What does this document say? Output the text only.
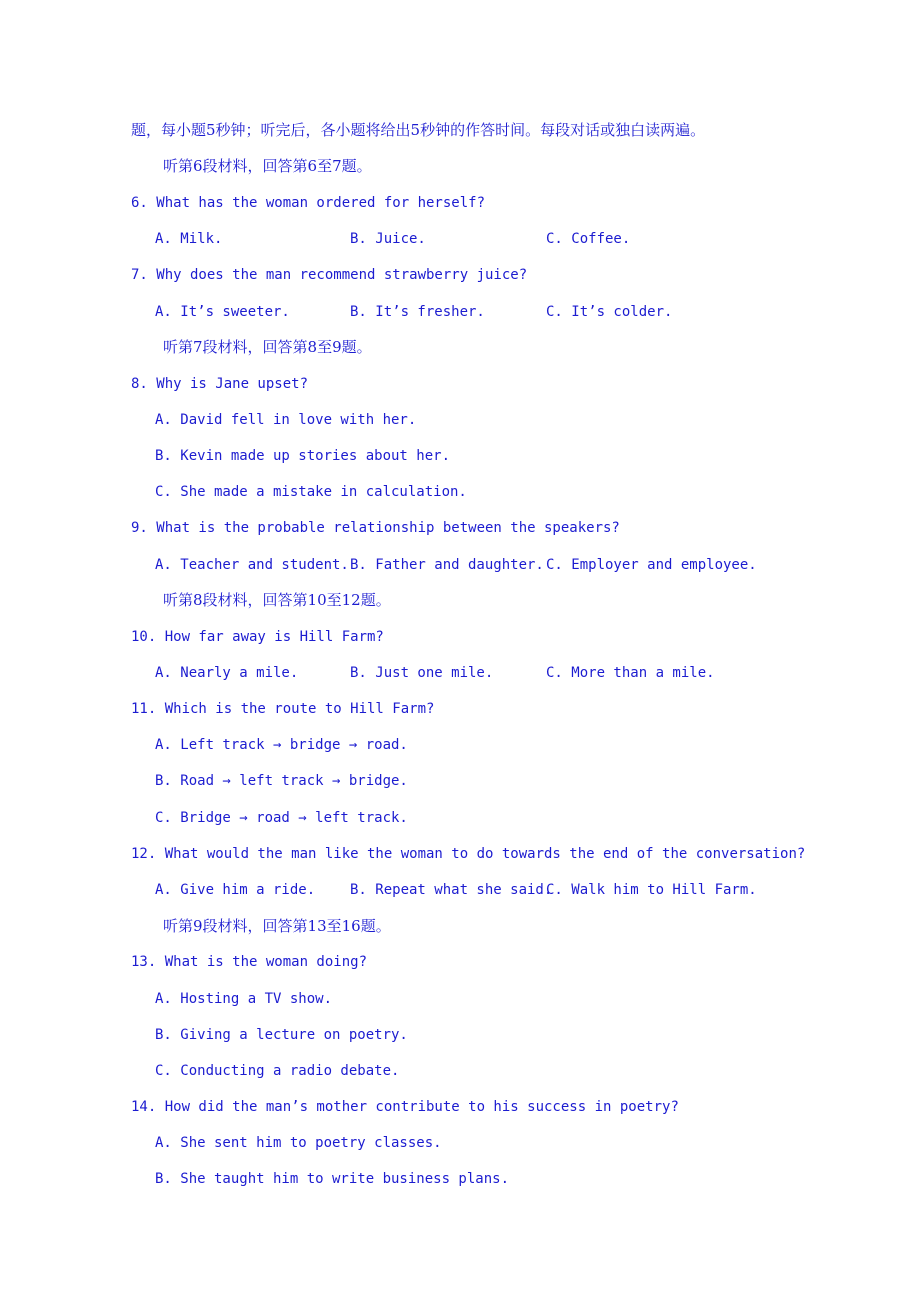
题，每小题5秒钟；听完后，各小题将给出5秒钟的作答时间。每段对话或独白读两遍。
听第6段材料，回答第6至7题。
6. What has the woman ordered for herself?
A. Milk.	B. Juice.	C. Coffee.
7. Why does the man recommend strawberry juice?
A. It’s sweeter.	B. It’s fresher.	C. It’s colder.
听第7段材料，回答第8至9题。
8. Why is Jane upset?
A. David fell in love with her.
B. Kevin made up stories about her.
C. She made a mistake in calculation.
9. What is the probable relationship between the speakers?
A. Teacher and student. B. Father and daughter. C. Employer and employee.
听第8段材料，回答第10至12题。
10. How far away is Hill Farm?
A. Nearly a mile.	B. Just one mile.	C. More than a mile.
11. Which is the route to Hill Farm?
A. Left track → bridge → road.
B. Road → left track → bridge.
C. Bridge → road → left track.
12. What would the man like the woman to do towards the end of the conversation?
A. Give him a ride. B. Repeat what she said.
C. Walk him to Hill Farm.
听第9段材料，回答第13至16题。
13. What is the woman doing?
A. Hosting a TV show.
B. Giving a lecture on poetry.
C. Conducting a radio debate.
14. How did the man’s mother contribute to his success in poetry?
A. She sent him to poetry classes.
B. She taught him to write business plans.
